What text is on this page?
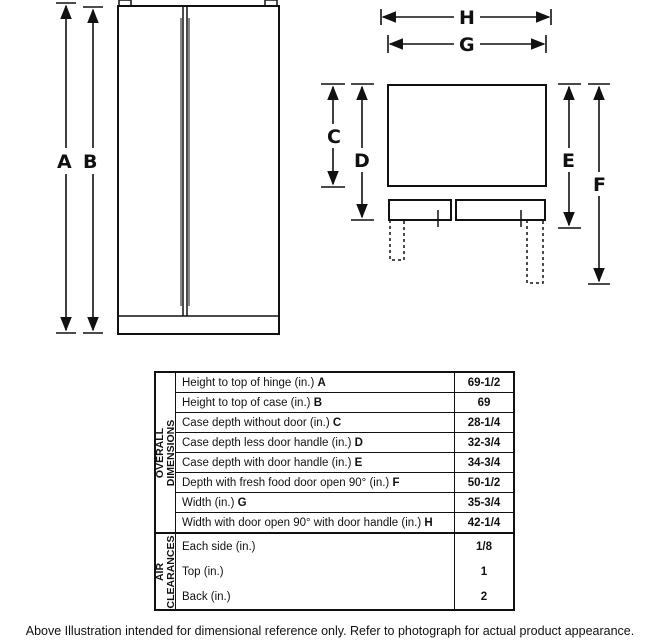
A B
H
G
C
D	E
F
OVERALL
DIMENSIONS	Height to top of hinge (in.) A	69-1/2
	Height to top of case (in.) B	69
	Case depth without door (in.) C	28-1/4
	Case depth less door handle (in.) D	32-3/4
	Case depth with door handle (in.) E	34-3/4
	Depth with fresh food door open 90° (in.) F	50-1/2
	Width (in.) G	35-3/4
	Width with door open 90° with door handle (in.) H	42-1/4

AIR
CLEARANCES	Each side (in.)	1/8
	Top (in.)	1
	Back (in.)	2
Above Illustration intended for dimensional reference only. Refer to photograph for actual product appearance.
